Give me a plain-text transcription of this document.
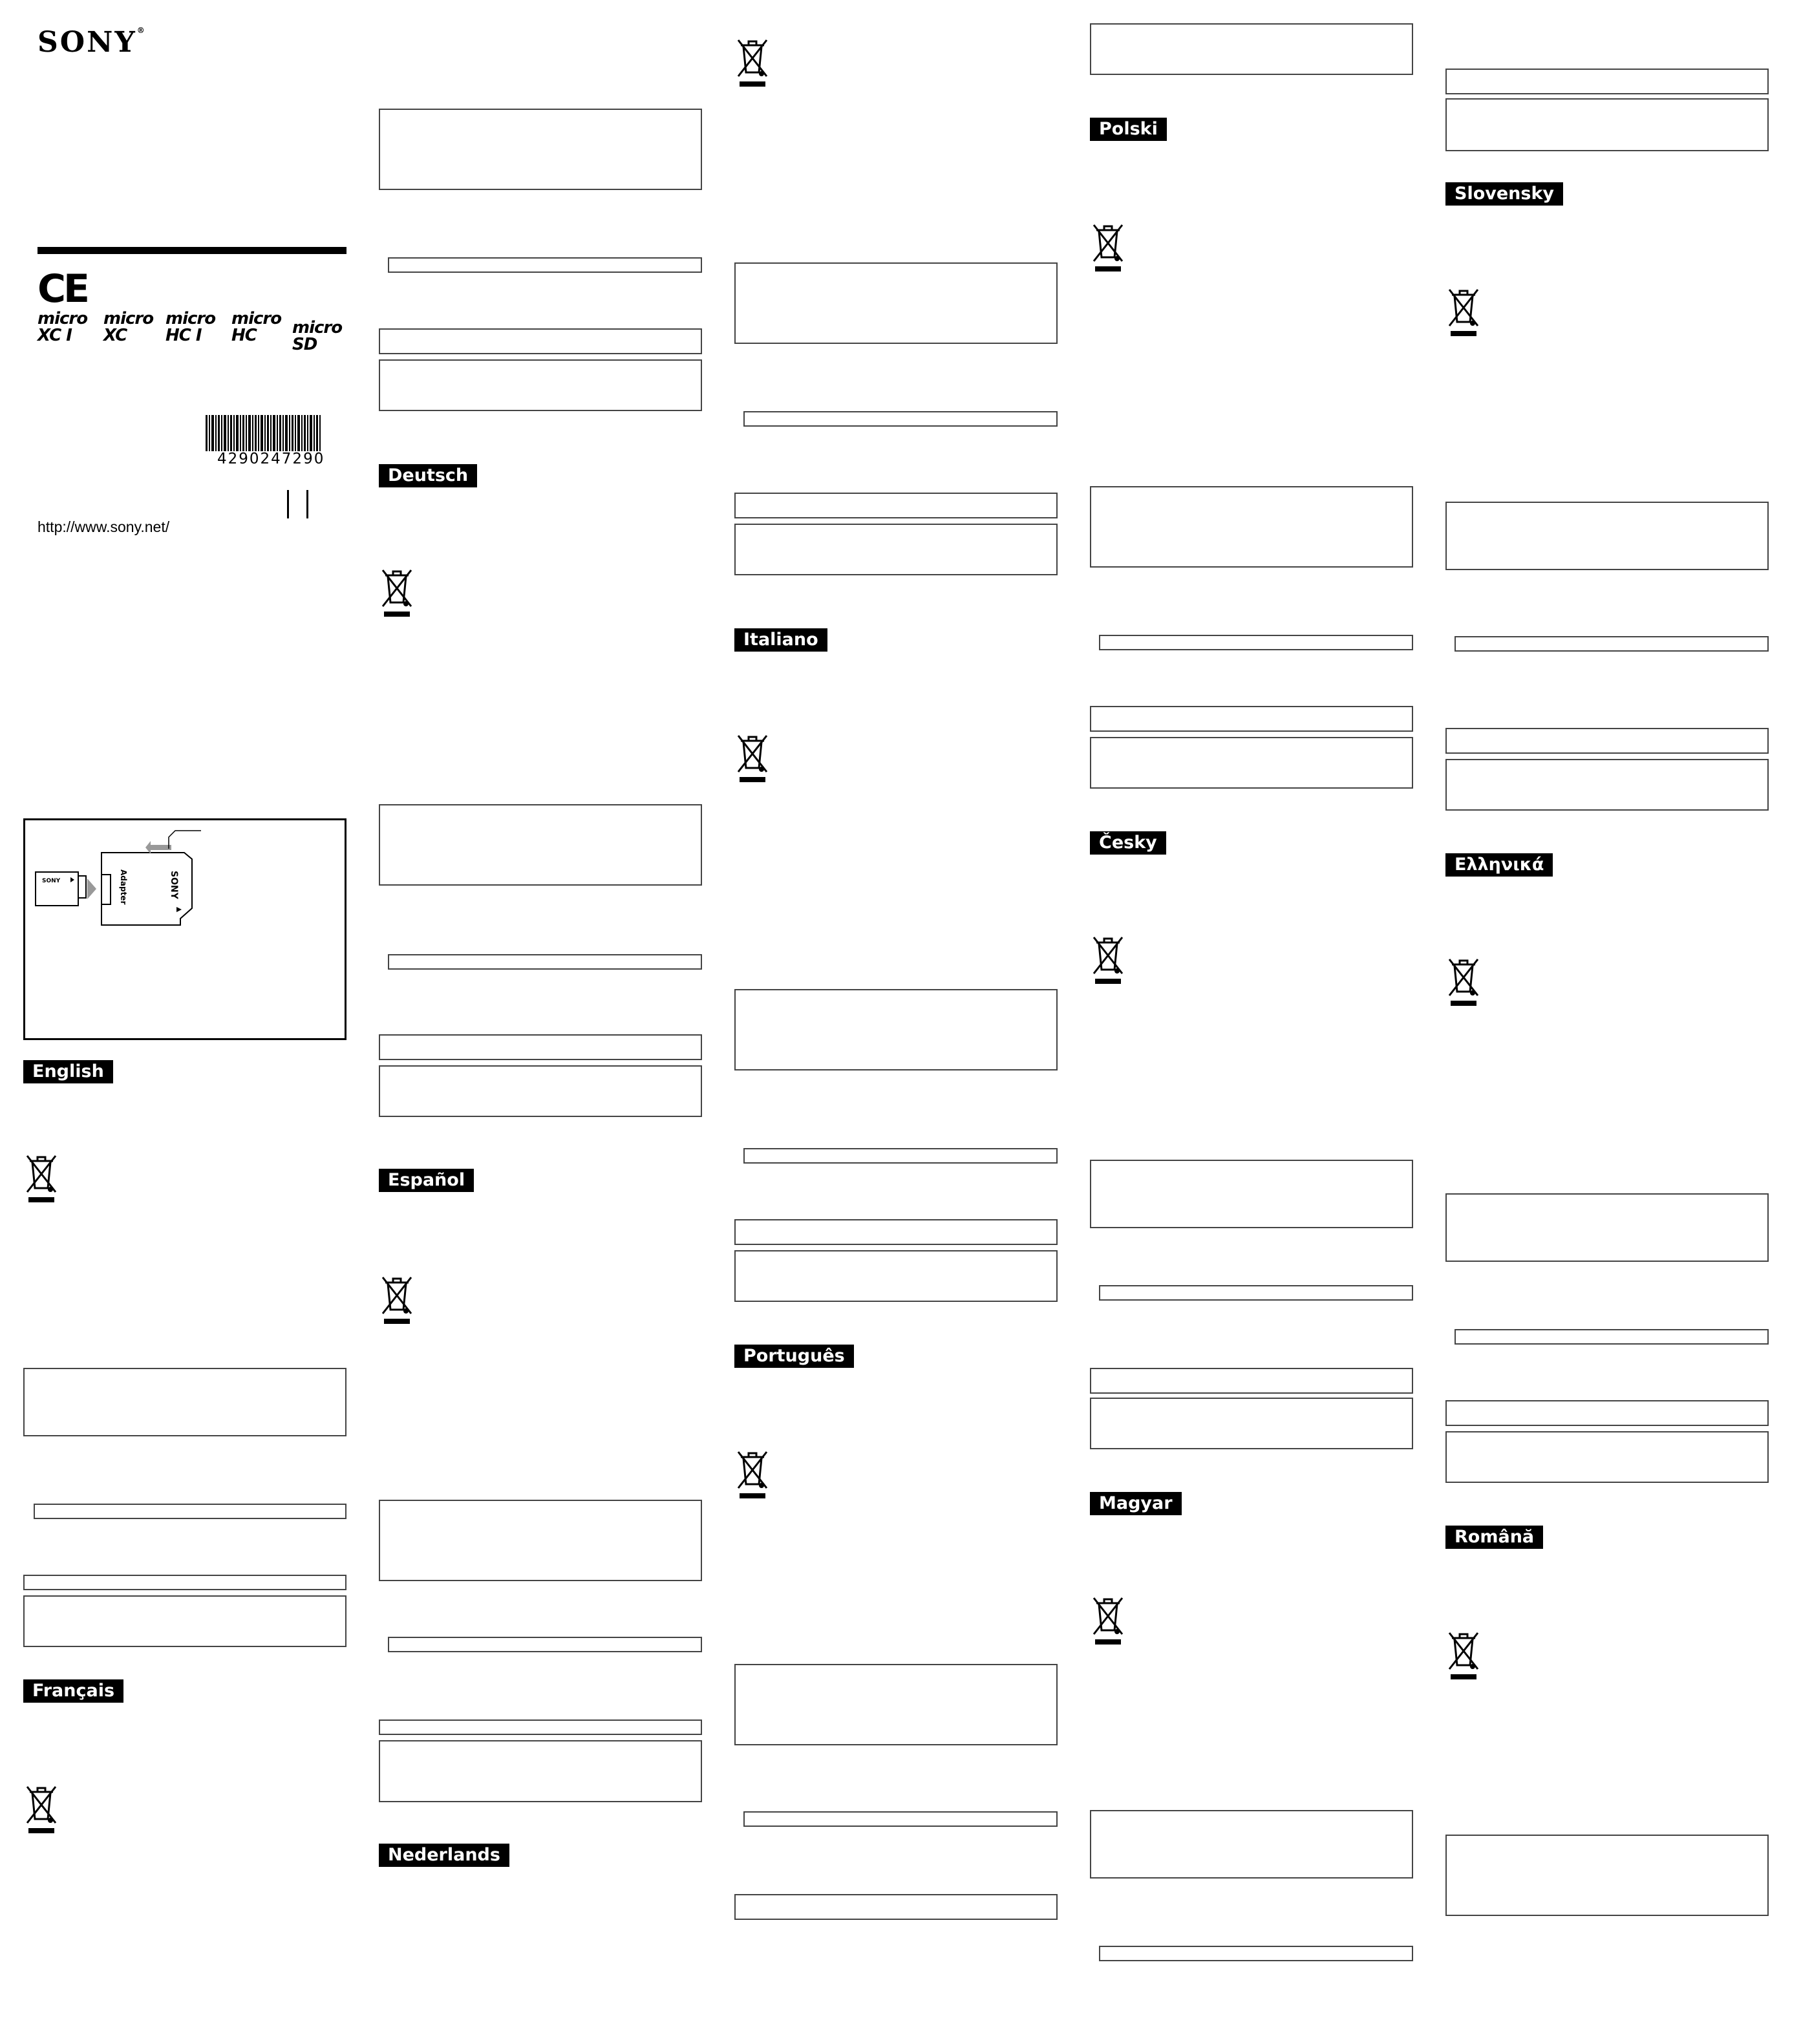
SONY®
CE
micro
XC I
micro
XC
micro
HC I
micro
HC	micro
SD
4290247290
http://www.sony.net/
SONY	Adapter	SONY
English
Français
Deutsch
Español
Nederlands
Italiano
Português
Polski
Česky
Magyar
Slovensky
Ελληνικά
Română
